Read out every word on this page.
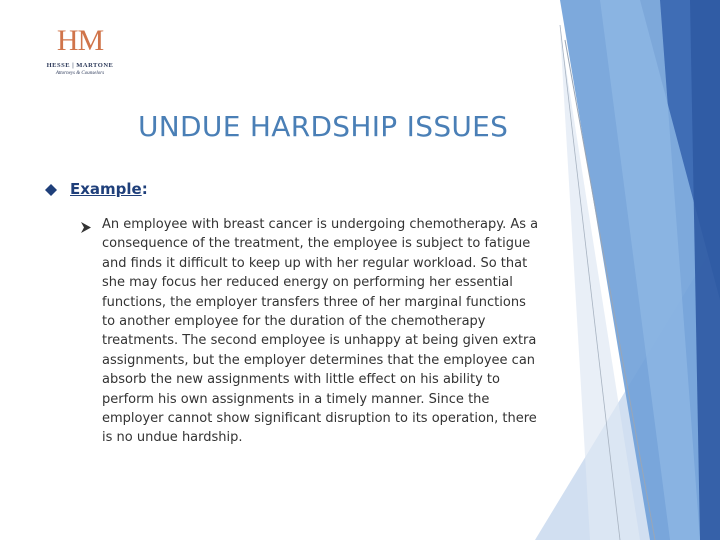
HM
HESSE | MARTONE
Attorneys & Counselors
UNDUE HARDSHIP ISSUES
Example:
An employee with breast cancer is undergoing chemotherapy. As a
consequence of the treatment, the employee is subject to fatigue
and finds it difficult to keep up with her regular workload. So that
she may focus her reduced energy on performing her essential
functions, the employer transfers three of her marginal functions
to another employee for the duration of the chemotherapy
treatments. The second employee is unhappy at being given extra
assignments, but the employer determines that the employee can
absorb the new assignments with little effect on his ability to
perform his own assignments in a timely manner. Since the
employer cannot show significant disruption to its operation, there
is no undue hardship.
